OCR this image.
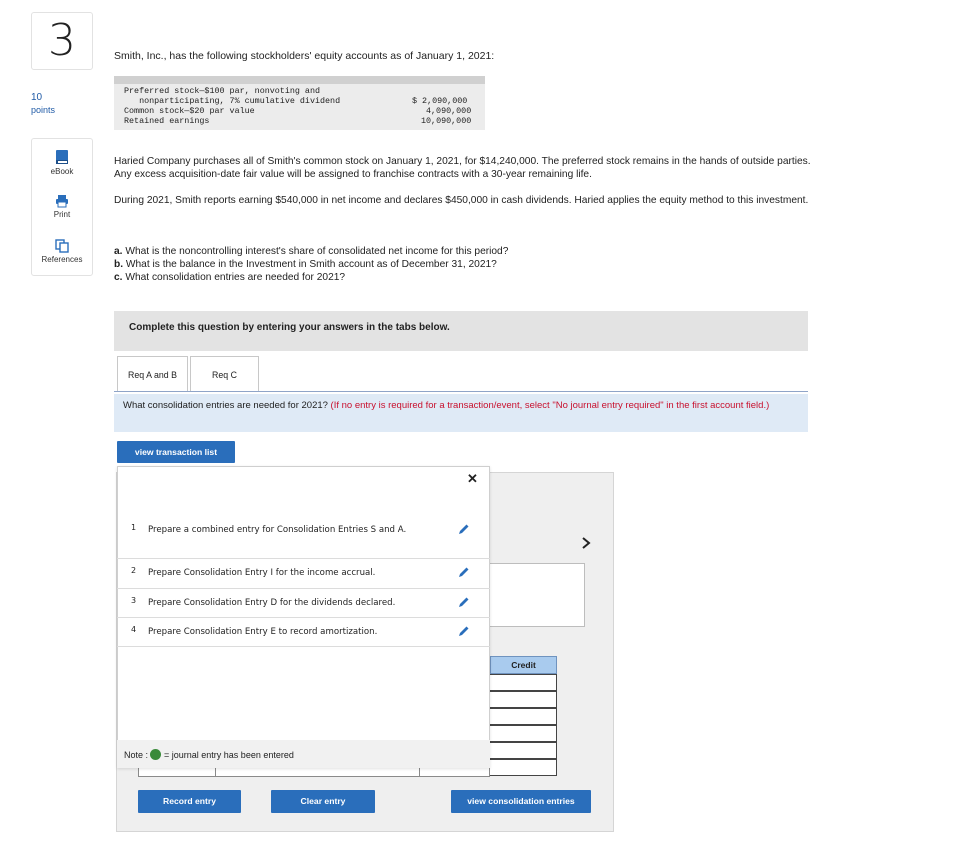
3
10
points
eBook
Print
References
Smith, Inc., has the following stockholders' equity accounts as of January 1, 2021:
Preferred stock—$100 par, nonvoting and
nonparticipating, 7% cumulative dividend	$ 2,090,000
Common stock—$20 par value	4,090,000
Retained earnings	10,090,000
Haried Company purchases all of Smith's common stock on January 1, 2021, for $14,240,000. The preferred stock remains in the hands of outside parties. Any excess acquisition-date fair value will be assigned to franchise contracts with a 30-year remaining life.
During 2021, Smith reports earning $540,000 in net income and declares $450,000 in cash dividends. Haried applies the equity method to this investment.
a. What is the noncontrolling interest's share of consolidated net income for this period?
b. What is the balance in the Investment in Smith account as of December 31, 2021?
c. What consolidation entries are needed for 2021?
Complete this question by entering your answers in the tabs below.
Req A and B	Req C
What consolidation entries are needed for 2021? (If no entry is required for a transaction/event, select "No journal entry required" in the first account field.)
view transaction list
Credit
✕
1 Prepare a combined entry for Consolidation Entries S and A.
2 Prepare Consolidation Entry I for the income accrual.
3 Prepare Consolidation Entry D for the dividends declared.
4 Prepare Consolidation Entry E to record amortization.
Note : = journal entry has been entered
Record entry	Clear entry	view consolidation entries
